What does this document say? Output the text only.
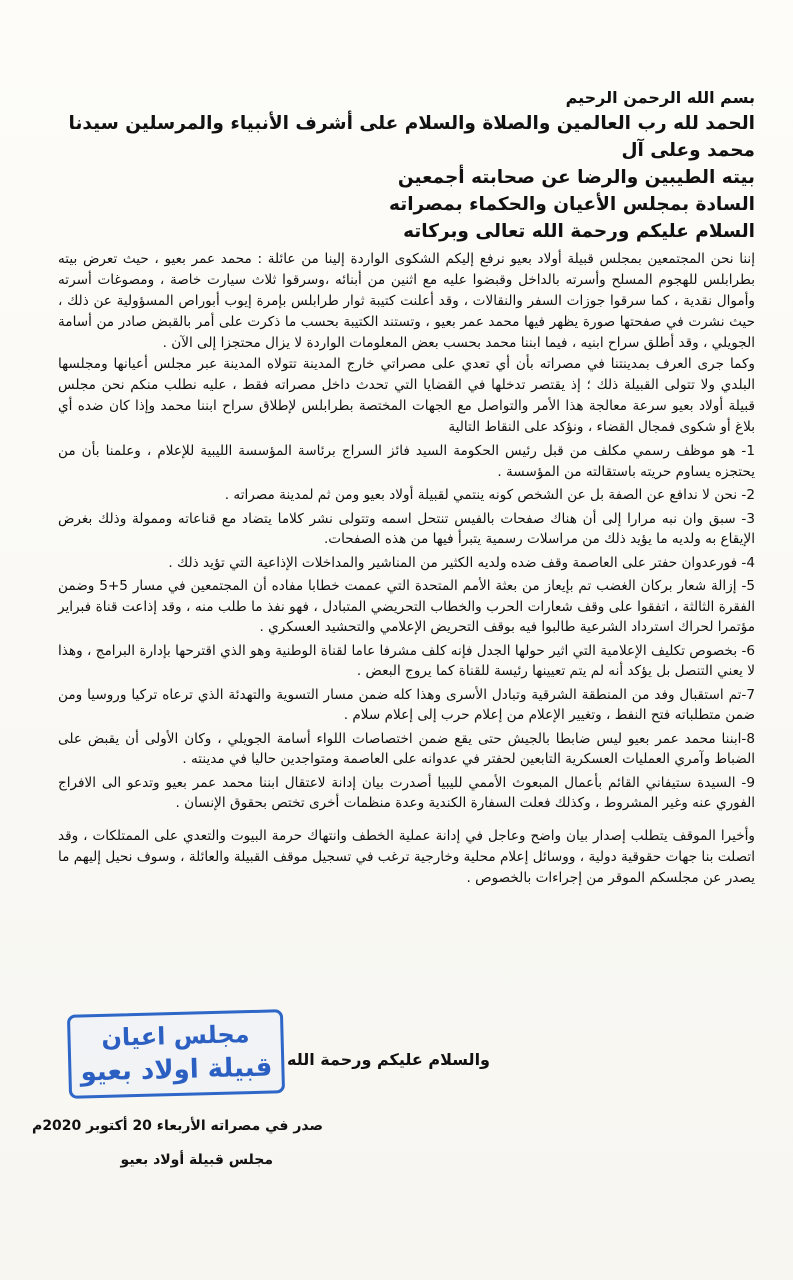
بسم الله الرحمن الرحيم

الحمد لله رب العالمين والصلاة والسلام على أشرف الأنبياء والمرسلين سيدنا محمد وعلى آل

بيته الطيبين والرضا عن صحابته أجمعين

السادة بمجلس الأعيان والحكماء بمصراته

السلام عليكم ورحمة الله تعالى وبركاته

إننا نحن المجتمعين بمجلس قبيلة أولاد بعيو نرفع إليكم الشكوى الواردة إلينا من عائلة : محمد عمر بعيو ، حيث تعرض بيته بطرابلس للهجوم المسلح وأسرته بالداخل وقبضوا عليه مع اثنين من أبنائه ،وسرقوا ثلاث سيارت خاصة ، ومصوغات أسرته وأموال نقدية ، كما سرقوا جوزات السفر والنقالات ، وقد أعلنت كتيبة ثوار طرابلس بإمرة إيوب أبوراص المسؤولية عن ذلك ، حيث نشرت في صفحتها صورة يظهر فيها محمد عمر بعيو ، وتستند الكتيبة بحسب ما ذكرت على أمر بالقبض صادر من أسامة الجويلي ، وقد أطلق سراح ابنيه ، فيما ابننا محمد بحسب بعض المعلومات الواردة لا يزال محتجزا إلى الآن .

وكما جرى العرف بمدينتنا في مصراته بأن أي تعدي على مصراتي خارج المدينة تتولاه المدينة عبر مجلس أعيانها ومجلسها البلدي ولا تتولى القبيلة ذلك ؛ إذ يقتصر تدخلها في القضايا التي تحدث داخل مصراته فقط ، عليه نطلب منكم نحن مجلس قبيلة أولاد بعيو سرعة معالجة هذا الأمر والتواصل مع الجهات المختصة بطرابلس لإطلاق سراح ابننا محمد وإذا كان ضده أي بلاغ أو شكوى فمجال القضاء ، ونؤكد على النقاط التالية

1- هو موظف رسمي مكلف من قبل رئيس الحكومة السيد فائز السراج برئاسة المؤسسة الليبية للإعلام ، وعلمنا بأن من يحتجزه يساوم حريته باستقالته من المؤسسة .

2- نحن لا ندافع عن الصفة بل عن الشخص كونه ينتمي لقبيلة أولاد بعيو ومن ثم لمدينة مصراته .

3- سبق وان نبه مرارا إلى أن هناك صفحات بالفيس تنتحل اسمه وتتولى نشر كلاما يتضاد مع قناعاته وممولة وذلك بغرض الإيقاع به ولديه ما يؤيد ذلك من مراسلات رسمية يتبرأ فيها من هذه الصفحات.

4- فورعدوان حفتر على العاصمة وقف ضده ولديه الكثير من المناشير والمداخلات الإذاعية التي تؤيد ذلك .

5- إزالة شعار بركان الغضب تم بإيعاز من بعثة الأمم المتحدة التي عممت خطابا مفاده أن المجتمعين في مسار 5+5 وضمن الفقرة الثالثة ، اتفقوا على وقف شعارات الحرب والخطاب التحريضي المتبادل ، فهو نفذ ما طلب منه ، وقد إذاعت قناة فبراير مؤتمرا لحراك استرداد الشرعية طالبوا فيه بوقف التحريض الإعلامي والتحشيد العسكري .

6- بخصوص تكليف الإعلامية التي اثير حولها الجدل فإنه كلف مشرفا عاما لقناة الوطنية وهو الذي اقترحها بإدارة البرامج ، وهذا لا يعني التنصل بل يؤكد أنه لم يتم تعيينها رئيسة للقناة كما يروج البعض .

7-تم استقبال وفد من المنطقة الشرقية وتبادل الأسرى وهذا كله ضمن مسار التسوية والتهدئة الذي ترعاه تركيا وروسيا ومن ضمن متطلباته فتح النفط ، وتغيير الإعلام من إعلام حرب إلى إعلام سلام .

8-ابننا محمد عمر بعيو ليس ضابطا بالجيش حتى يقع ضمن اختصاصات اللواء أسامة الجويلي ، وكان الأولى أن يقبض على الضباط وآمري العمليات العسكرية التابعين لحفتر في عدوانه على العاصمة ومتواجدين حاليا في مدينته .

9- السيدة ستيفاني القائم بأعمال المبعوث الأممي لليبيا أصدرت بيان إدانة لاعتقال ابننا محمد عمر بعيو وتدعو الى الافراج الفوري عنه وغير المشروط ، وكذلك فعلت السفارة الكندية وعدة منظمات أخرى تختص بحقوق الإنسان .

وأخيرا الموقف يتطلب إصدار بيان واضح وعاجل في إدانة عملية الخطف وانتهاك حرمة البيوت والتعدي على الممتلكات ، وقد اتصلت بنا جهات حقوقية دولية ، ووسائل إعلام محلية وخارجية ترغب في تسجيل موقف القبيلة والعائلة ، وسوف نحيل إليهم ما يصدر عن مجلسكم الموقر من إجراءات بالخصوص .

مجلس اعيان
قبيلة اولاد بعيو والسلام عليكم ورحمة الله
صدر في مصراته الأربعاء 20 أكتوبر 2020م
مجلس قبيلة أولاد بعيو
